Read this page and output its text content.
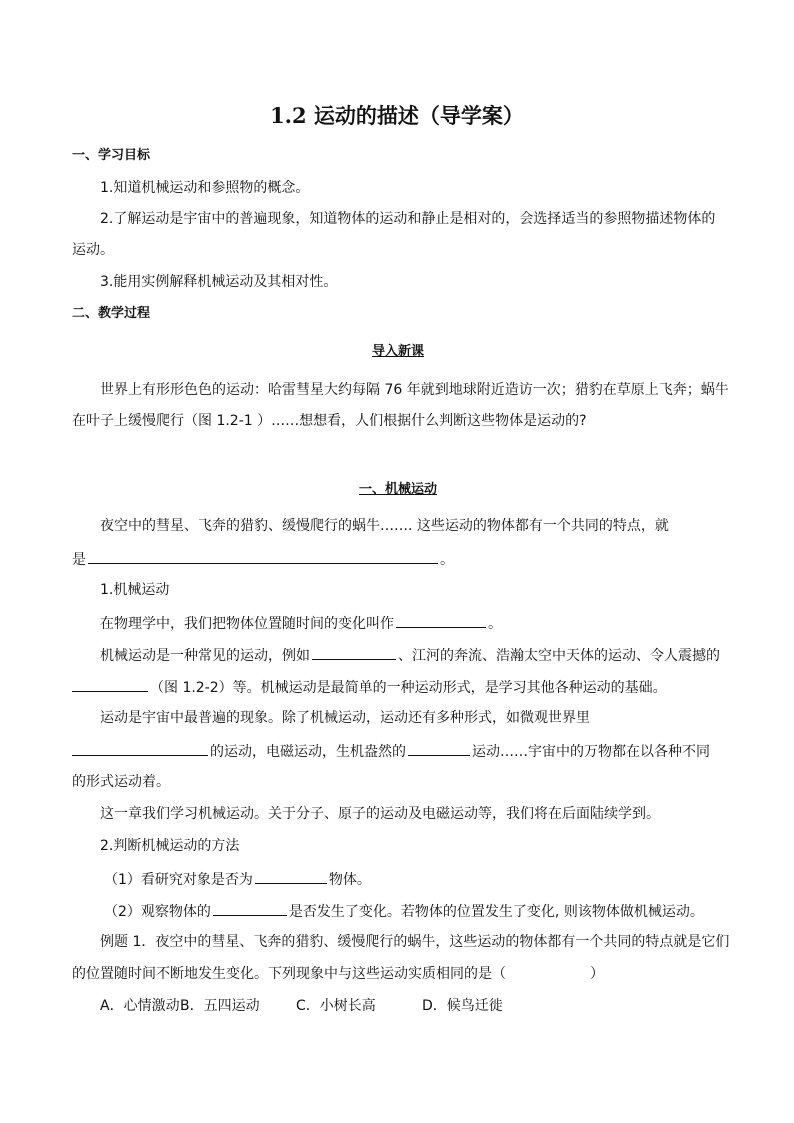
1.2 运动的描述（导学案）
一、学习目标
1.知道机械运动和参照物的概念。
2.了解运动是宇宙中的普遍现象，知道物体的运动和静止是相对的，会选择适当的参照物描述物体的
运动。
3.能用实例解释机械运动及其相对性。
二、教学过程
导入新课
世界上有形形色色的运动：哈雷彗星大约每隔 76 年就到地球附近造访一次；猎豹在草原上飞奔；蜗牛
在叶子上缓慢爬行（图 1.2-1 ）……想想看，人们根据什么判断这些物体是运动的?
一、机械运动
夜空中的彗星、飞奔的猎豹、缓慢爬行的蜗牛……. 这些运动的物体都有一个共同的特点，就
是	。
1.机械运动
在物理学中，我们把物体位置随时间的变化叫作	。
机械运动是一种常见的运动，例如	、江河的奔流、浩瀚太空中天体的运动、令人震撼的
（图 1.2-2）等。机械运动是最简单的一种运动形式，是学习其他各种运动的基础。
运动是宇宙中最普遍的现象。除了机械运动，运动还有多种形式，如微观世界里
的运动，电磁运动，生机盎然的	运动……宇宙中的万物都在以各种不同
的形式运动着。
这一章我们学习机械运动。关于分子、原子的运动及电磁运动等，我们将在后面陆续学到。
2.判断机械运动的方法
（1）看研究对象是否为	物体。
（2）观察物体的	是否发生了变化。若物体的位置发生了变化, 则该物体做机械运动。
例题 1．夜空中的彗星、飞奔的猎豹、缓慢爬行的蜗牛，这些运动的物体都有一个共同的特点就是它们
的位置随时间不断地发生变化。下列现象中与这些运动实质相同的是（　　　　　　）
A．心情激动B．五四运动	C．小树长高	D．候鸟迁徙
